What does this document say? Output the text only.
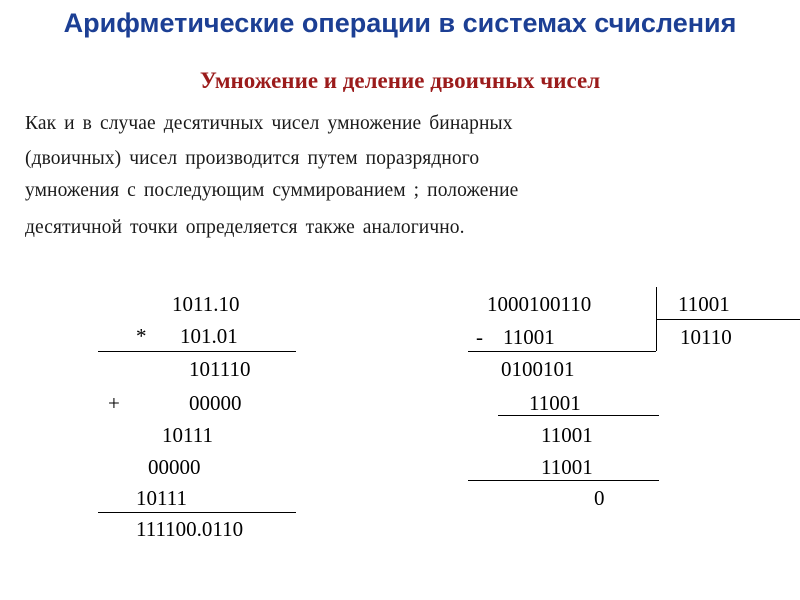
Арифметические операции в системах счисления
Умножение и деление двоичных чисел
Как и в случае десятичных чисел умножение бинарных
(двоичных) чисел производится путем поразрядного
умножения с последующим суммированием ; положение
десятичной точки определяется также аналогично.
1011.10
* 101.01
101110
+	00000
10111
00000
10111
111100.0110
1000100110	11001
10110
- 11001
0100101
11001
11001
11001
0
